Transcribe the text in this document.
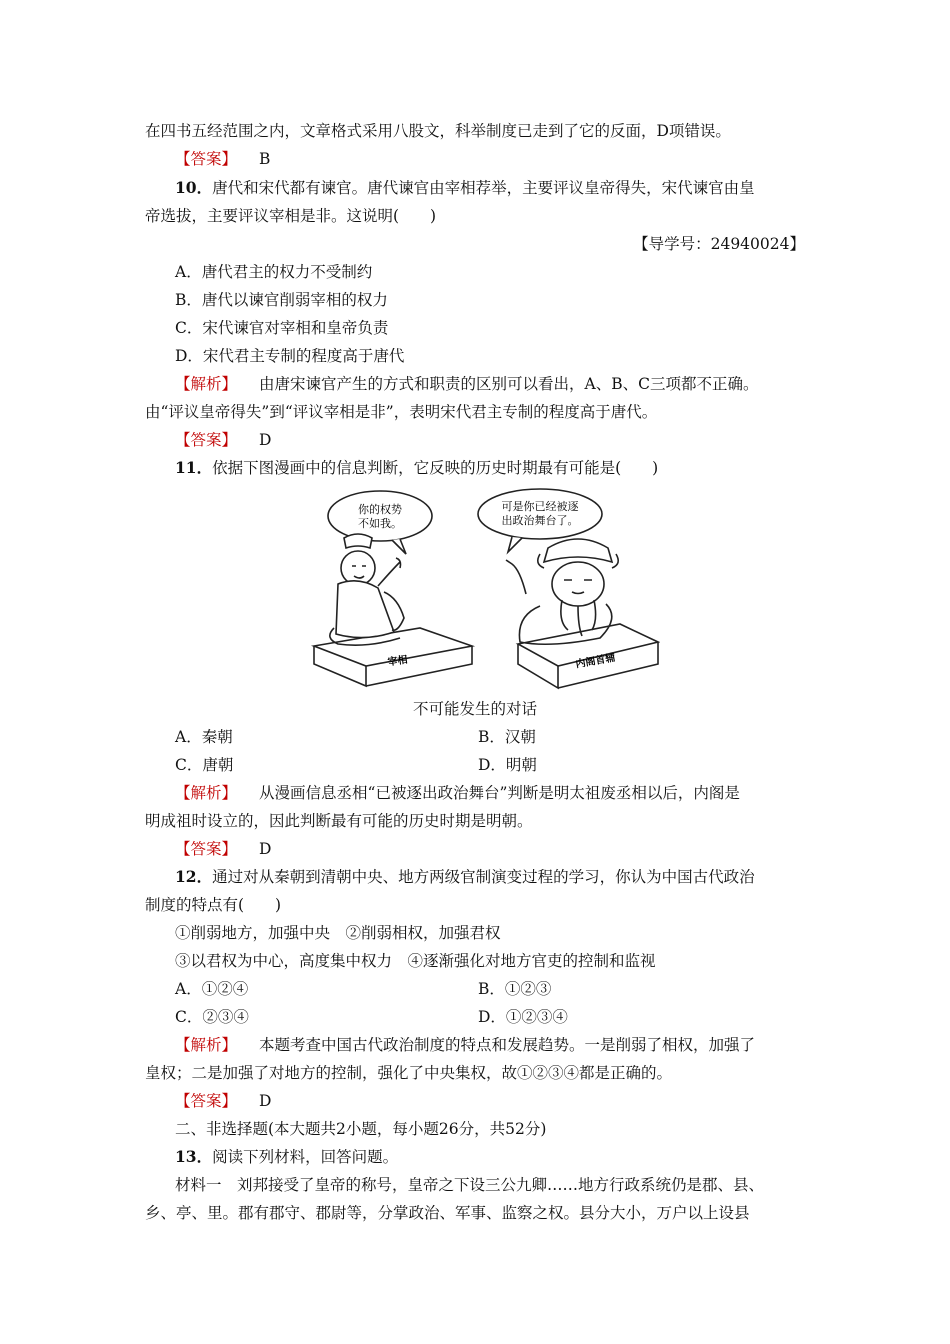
在四书五经范围之内，文章格式采用八股文，科举制度已走到了它的反面，D项错误。
【答案】 B
10．唐代和宋代都有谏官。唐代谏官由宰相荐举，主要评议皇帝得失，宋代谏官由皇
帝选拔，主要评议宰相是非。这说明(　　)
【导学号：24940024】
A．唐代君主的权力不受制约
B．唐代以谏官削弱宰相的权力
C．宋代谏官对宰相和皇帝负责
D．宋代君主专制的程度高于唐代
【解析】 由唐宋谏官产生的方式和职责的区别可以看出，A、B、C三项都不正确。
由“评议皇帝得失”到“评议宰相是非”，表明宋代君主专制的程度高于唐代。
【答案】 D
11．依据下图漫画中的信息判断，它反映的历史时期最有可能是(　　)
你的权势
不如我。
可是你已经被逐
出政治舞台了。
宰相	内阁首辅
不可能发生的对话
A．秦朝	B．汉朝
C．唐朝	D．明朝
【解析】 从漫画信息丞相“已被逐出政治舞台”判断是明太祖废丞相以后，内阁是
明成祖时设立的，因此判断最有可能的历史时期是明朝。
【答案】 D
12．通过对从秦朝到清朝中央、地方两级官制演变过程的学习，你认为中国古代政治
制度的特点有(　　)
①削弱地方，加强中央　②削弱相权，加强君权
③以君权为中心，高度集中权力　④逐渐强化对地方官吏的控制和监视
A．①②④	B．①②③
C．②③④	D．①②③④
【解析】 本题考查中国古代政治制度的特点和发展趋势。一是削弱了相权，加强了
皇权；二是加强了对地方的控制，强化了中央集权，故①②③④都是正确的。
【答案】 D
二、非选择题(本大题共2小题，每小题26分，共52分)
13．阅读下列材料，回答问题。
材料一　刘邦接受了皇帝的称号，皇帝之下设三公九卿……地方行政系统仍是郡、县、
乡、亭、里。郡有郡守、郡尉等，分掌政治、军事、监察之权。县分大小，万户以上设县
